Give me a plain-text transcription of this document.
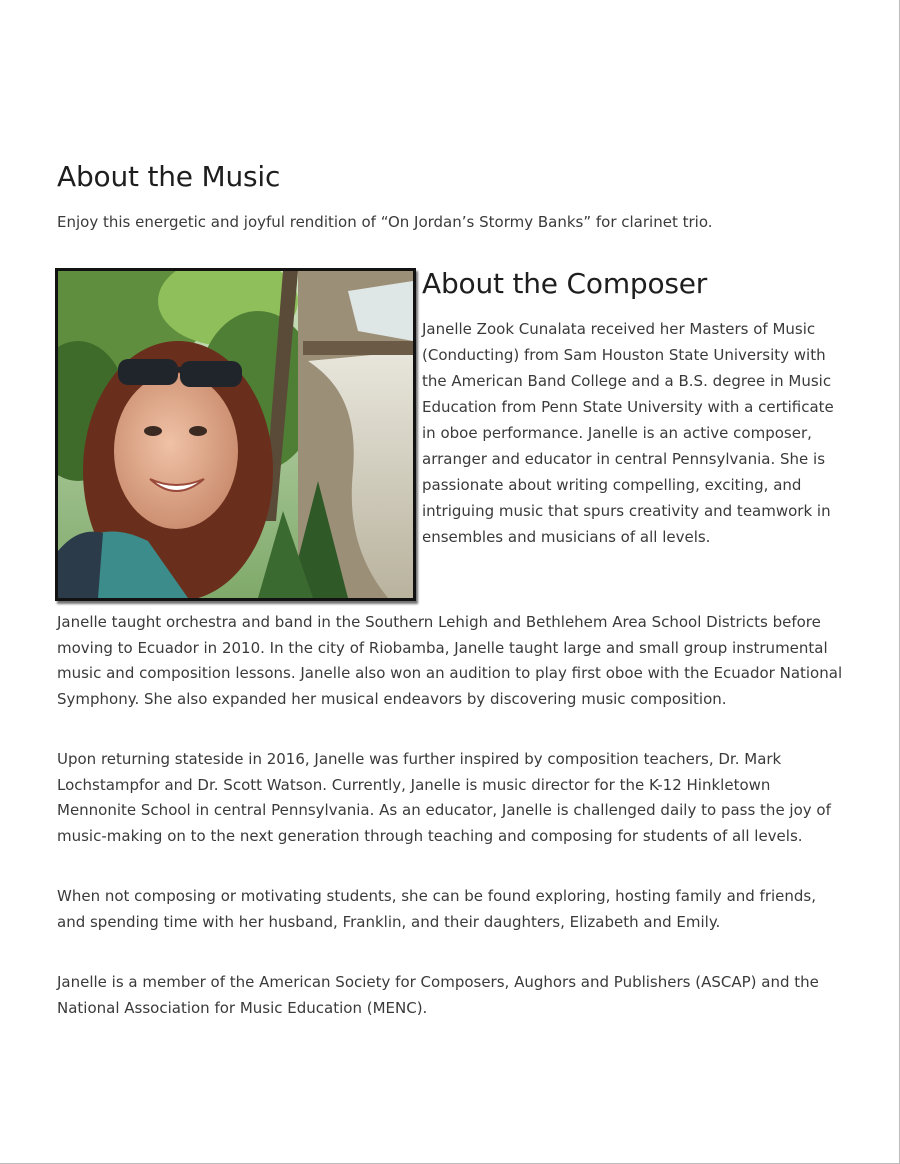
About the Music

Enjoy this energetic and joyful rendition of “On Jordan’s Stormy Banks” for clarinet trio.

About the Composer

Janelle Zook Cunalata received her Masters of Music (Conducting) from Sam Houston State University with the American Band College and a B.S. degree in Music Education from Penn State University with a certificate in oboe performance. Janelle is an active composer, arranger and educator in central Pennsylvania. She is passionate about writing compelling, exciting, and intriguing music that spurs creativity and teamwork in ensembles and musicians of all levels.

Janelle taught orchestra and band in the Southern Lehigh and Bethlehem Area School Districts before moving to Ecuador in 2010. In the city of Riobamba, Janelle taught large and small group instrumental music and composition lessons. Janelle also won an audition to play first oboe with the Ecuador National Symphony. She also expanded her musical endeavors by discovering music composition.

Upon returning stateside in 2016, Janelle was further inspired by composition teachers, Dr. Mark Lochstampfor and Dr. Scott Watson. Currently, Janelle is music director for the K-12 Hinkletown Mennonite School in central Pennsylvania. As an educator, Janelle is challenged daily to pass the joy of music-making on to the next generation through teaching and composing for students of all levels.

When not composing or motivating students, she can be found exploring, hosting family and friends, and spending time with her husband, Franklin, and their daughters, Elizabeth and Emily.

Janelle is a member of the American Society for Composers, Aughors and Publishers (ASCAP) and the National Association for Music Education (MENC).
